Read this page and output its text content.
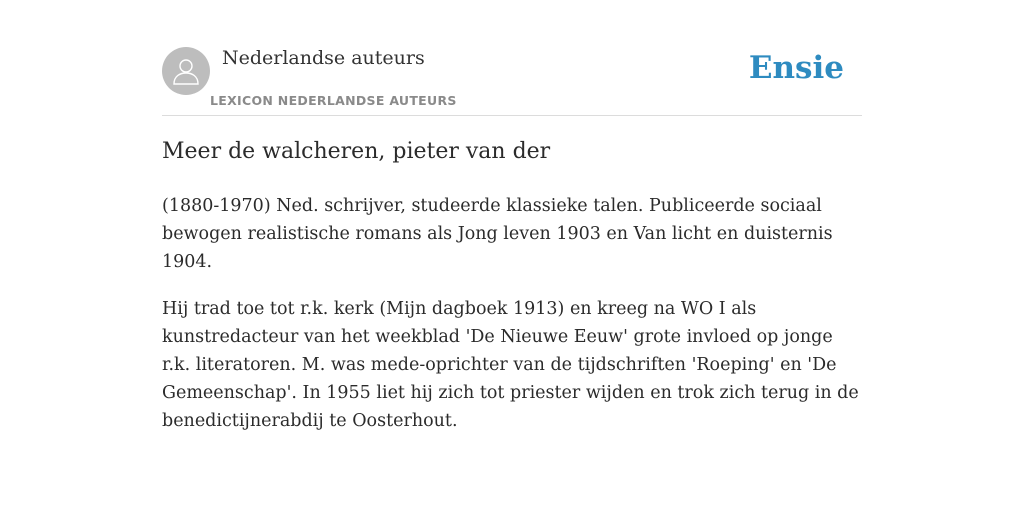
Nederlandse auteurs
LEXICON NEDERLANDSE AUTEURS
Ensie
Meer de walcheren, pieter van der

(1880-1970) Ned. schrijver, studeerde klassieke talen. Publiceerde sociaal bewogen realistische romans als Jong leven 1903 en Van licht en duisternis 1904.

Hij trad toe tot r.k. kerk (Mijn dagboek 1913) en kreeg na WO I als kunstredacteur van het weekblad 'De Nieuwe Eeuw' grote invloed op jonge r.k. literatoren. M. was mede-oprichter van de tijdschriften 'Roeping' en 'De Gemeenschap'. In 1955 liet hij zich tot priester wijden en trok zich terug in de benedictijnerabdij te Oosterhout.
